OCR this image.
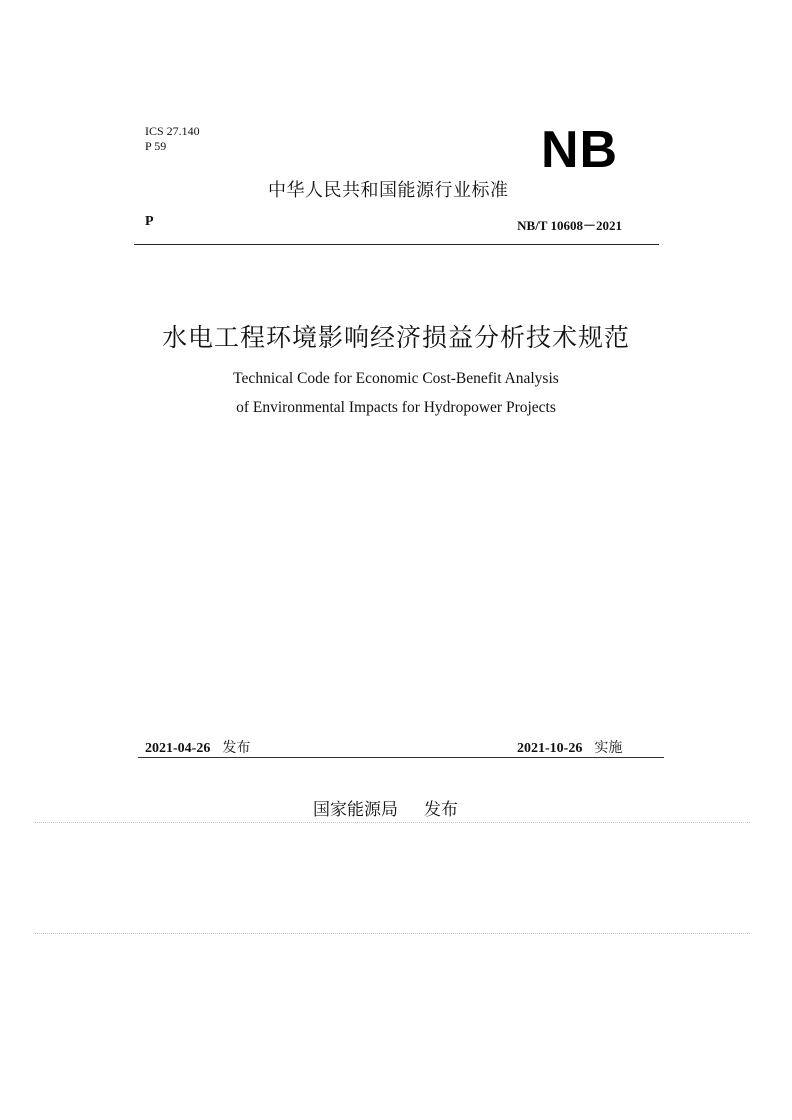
ICS 27.140
P 59	NB
中华人民共和国能源行业标准
P	NB/T 10608－2021
水电工程环境影响经济损益分析技术规范
Technical Code for Economic Cost-Benefit Analysis
of Environmental Impacts for Hydropower Projects
2021-04-26 发布	2021-10-26 实施
国家能源局 发布
